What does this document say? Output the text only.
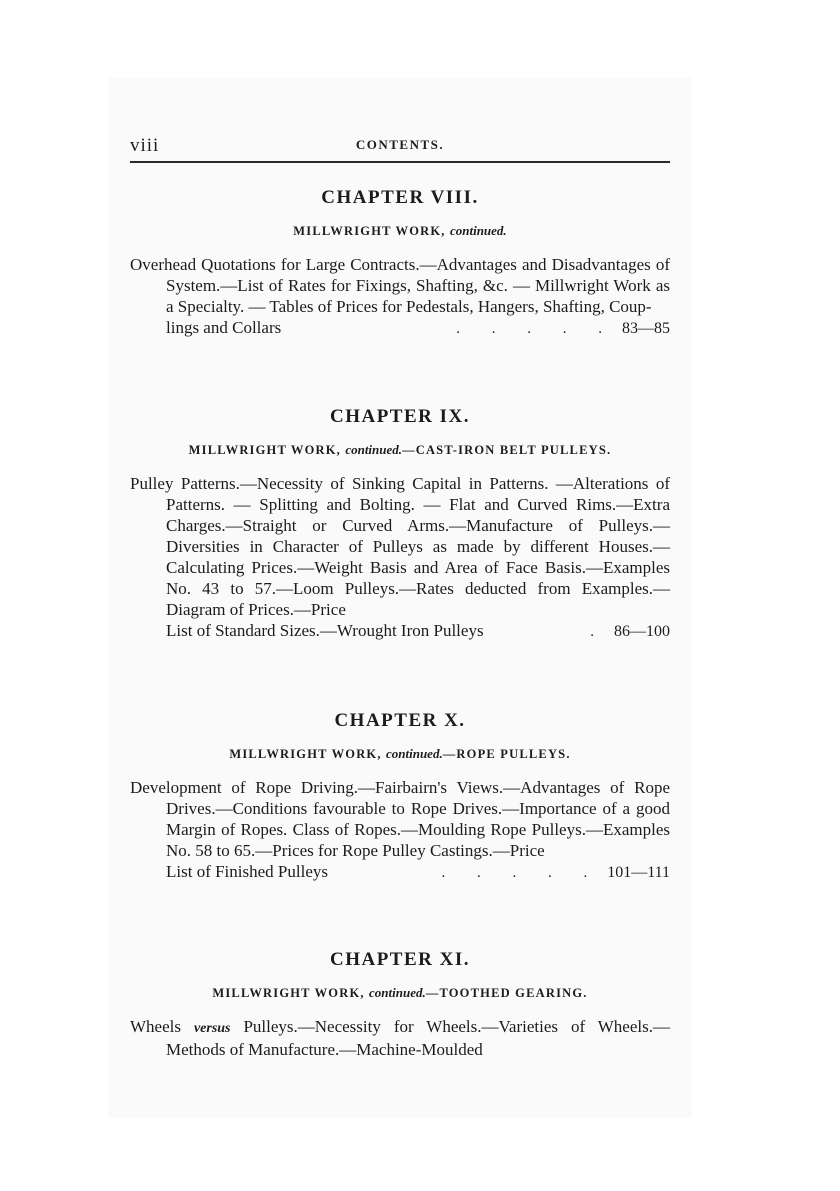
viii	CONTENTS.
CHAPTER VIII.

MILLWRIGHT WORK, continued.

Overhead Quotations for Large Contracts.—Advantages and Disadvantages of System.—List of Rates for Fixings, Shafting, &c. — Millwright Work as a Specialty. — Tables of Prices for Pedestals, Hangers, Shafting, Coup-

lings and Collars	. . . . . 83—85

CHAPTER IX.

MILLWRIGHT WORK, continued.—CAST-IRON BELT PULLEYS.

Pulley Patterns.—Necessity of Sinking Capital in Patterns. —Alterations of Patterns. — Splitting and Bolting. — Flat and Curved Rims.—Extra Charges.—Straight or Curved Arms.—Manufacture of Pulleys.—Diversities in Character of Pulleys as made by different Houses.— Calculating Prices.—Weight Basis and Area of Face Basis.—Examples No. 43 to 57.—Loom Pulleys.—Rates deducted from Examples.—Diagram of Prices.—Price

List of Standard Sizes.—Wrought Iron Pulleys	. 86—100

CHAPTER X.

MILLWRIGHT WORK, continued.—ROPE PULLEYS.

Development of Rope Driving.—Fairbairn's Views.—Advantages of Rope Drives.—Conditions favourable to Rope Drives.—Importance of a good Margin of Ropes. Class of Ropes.—Moulding Rope Pulleys.—Examples No. 58 to 65.—Prices for Rope Pulley Castings.—Price

List of Finished Pulleys	. . . . . 101—111

CHAPTER XI.

MILLWRIGHT WORK, continued.—TOOTHED GEARING.

Wheels versus Pulleys.—Necessity for Wheels.—Varieties of Wheels.—Methods of Manufacture.—Machine-Moulded
